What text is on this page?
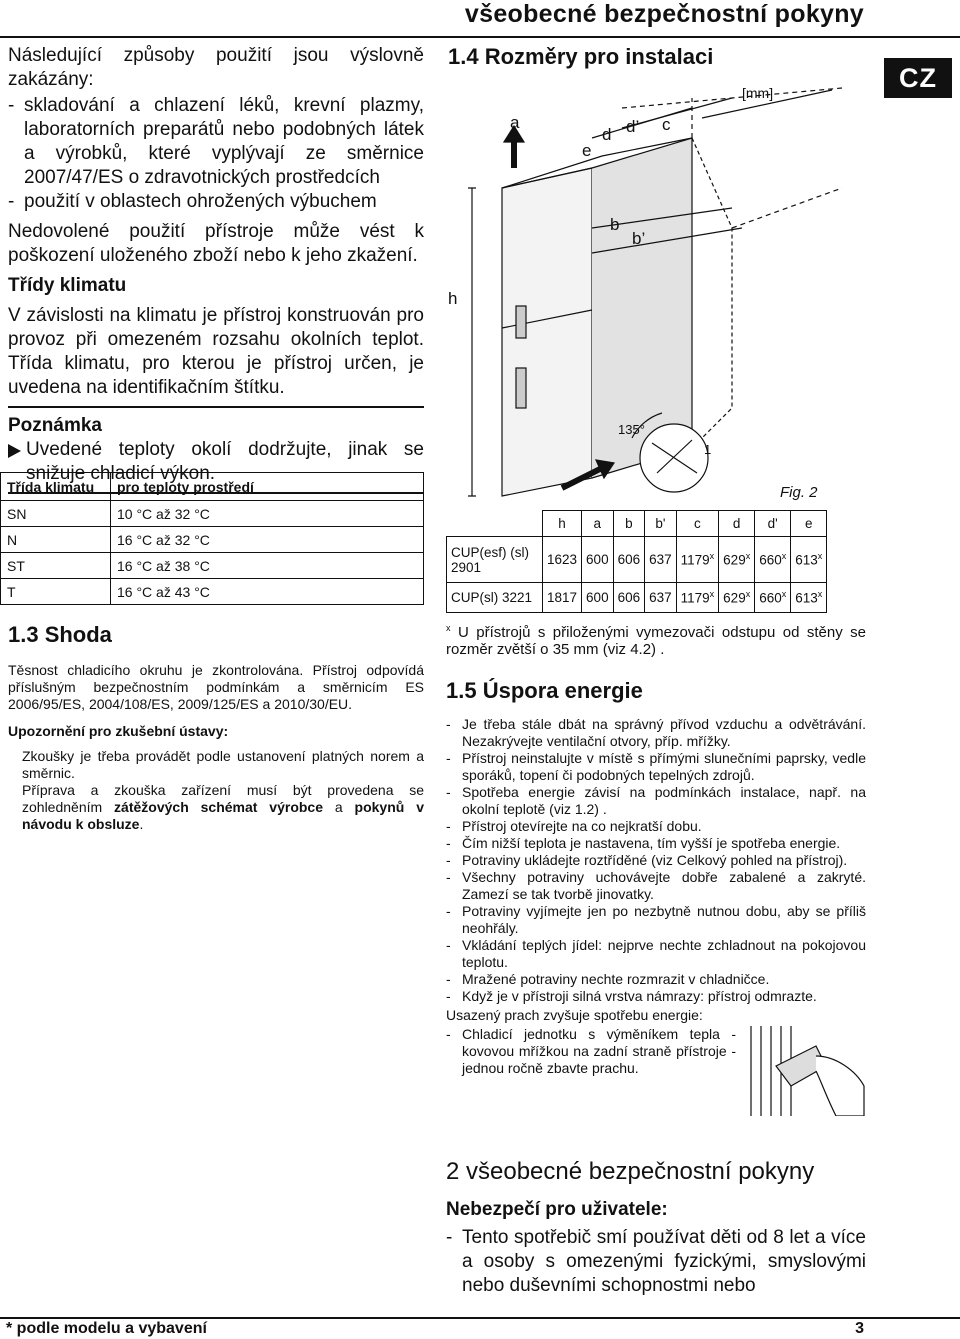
všeobecné bezpečnostní pokyny
CZ

Následující způsoby použití jsou výslovně zakázány:

- skladování a chlazení léků, krevní plazmy, laboratorních preparátů nebo podobných látek a výrobků, které vyplývají ze směrnice 2007/47/ES o zdravotnických prostředcích
- použití v oblastech ohrožených výbuchem

Nedovolené použití přístroje může vést k poškození uloženého zboží nebo k jeho zkažení.

Třídy klimatu

V závislosti na klimatu je přístroj konstruován pro provoz při omezeném rozsahu okolních teplot. Třída klimatu, pro kterou je přístroj určen, je uvedena na identifikačním štítku.

Poznámka
Uvedené teploty okolí dodržujte, jinak se snižuje chladicí výkon.
Třída klimatu	pro teploty prostředí
SN	10 °C až 32 °C
N	16 °C až 32 °C
ST	16 °C až 38 °C
T	16 °C až 43 °C
1.3 Shoda

Těsnost chladicího okruhu je zkontrolována. Přístroj odpovídá příslušným bezpečnostním podmínkám a směrnicím ES 2006/95/ES, 2004/108/ES, 2009/125/ES a 2010/30/EU.

Upozornění pro zkušební ústavy:

Zkoušky je třeba provádět podle ustanovení platných norem a směrnic.

Příprava a zkouška zařízení musí být provedena se zohledněním zátěžových schémat výrobce a pokynů v návodu k obsluze.

1.4 Rozměry pro instalaci
a
e
d d’ c
b
b’
h
135°
1
[mm]
Fig. 2
	h	a	b	b'	c	d	d'	e
CUP(esf) (sl) 2901	1623	600	606	637	1179$^x$	629$^x$	660$^x$	613$^x$
CUP(sl) 3221	1817	600	606	637	1179$^x$	629$^x$	660$^x$	613$^x$

$^x$ U přístrojů s přiloženými vymezovači odstupu od stěny se rozměr zvětší o 35 mm (viz 4.2) .

1.5 Úspora energie
- Je třeba stále dbát na správný přívod vzduchu a odvětrávání. Nezakrývejte ventilační otvory, příp. mřížky.
- Přístroj neinstalujte v místě s přímými slunečními paprsky, vedle sporáků, topení či podobných tepelných zdrojů.
- Spotřeba energie závisí na podmínkách instalace, např. na okolní teplotě (viz 1.2) .
- Přístroj otevírejte na co nejkratší dobu.
- Čím nižší teplota je nastavena, tím vyšší je spotřeba energie.
- Potraviny ukládejte roztříděné (viz Celkový pohled na přístroj).
- Všechny potraviny uchovávejte dobře zabalené a zakryté. Zamezí se tak tvorbě jinovatky.
- Potraviny vyjímejte jen po nezbytně nutnou dobu, aby se příliš neohřály.
- Vkládání teplých jídel: nejprve nechte zchladnout na pokojovou teplotu.
- Mražené potraviny nechte rozmrazit v chladničce.
- Když je v přístroji silná vrstva námrazy: přístroj odmrazte.

Usazený prach zvyšuje spotřebu energie:

- Chladicí jednotku s výměníkem tepla - kovovou mřížkou na zadní straně přístroje - jednou ročně zbavte prachu.
2 všeobecné bezpečnostní pokyny

Nebezpečí pro uživatele:

- Tento spotřebič smí používat děti od 8 let a více a osoby s omezenými fyzickými, smyslovými nebo duševními schopnostmi nebo
* podle modelu a vybavení	3
